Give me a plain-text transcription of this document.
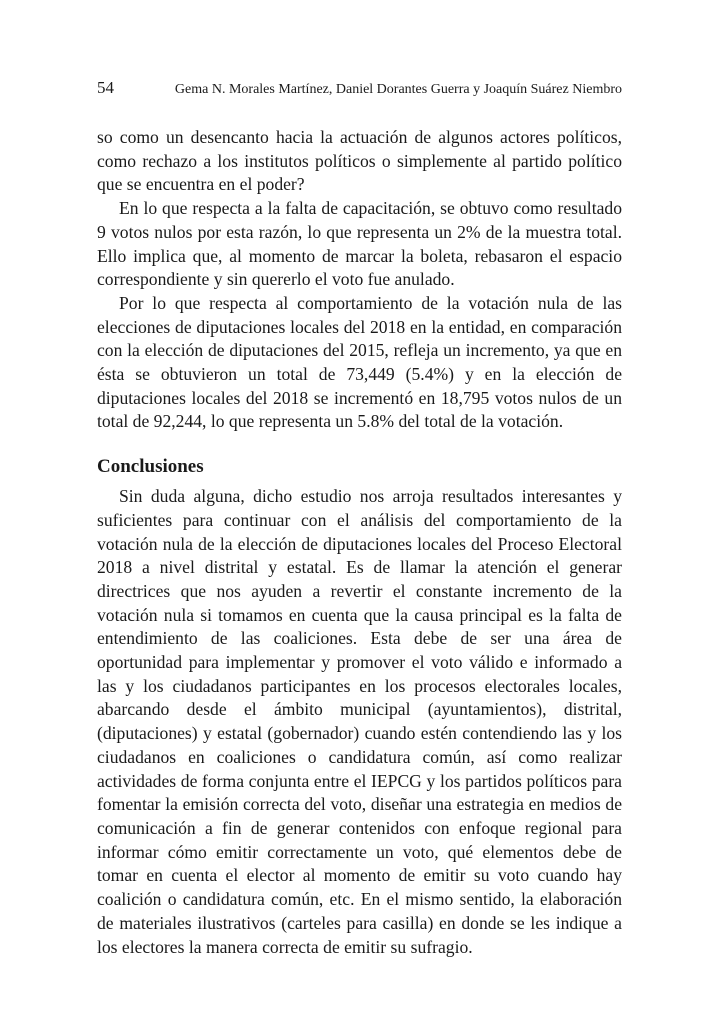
54	Gema N. Morales Martínez, Daniel Dorantes Guerra y Joaquín Suárez Niembro

so como un desencanto hacia la actuación de algunos actores políticos, como rechazo a los institutos políticos o simplemente al partido político que se encuentra en el poder?

En lo que respecta a la falta de capacitación, se obtuvo como resultado 9 votos nulos por esta razón, lo que representa un 2% de la muestra total. Ello implica que, al momento de marcar la boleta, rebasaron el espacio correspondiente y sin quererlo el voto fue anulado.

Por lo que respecta al comportamiento de la votación nula de las elecciones de diputaciones locales del 2018 en la entidad, en comparación con la elección de diputaciones del 2015, refleja un incremento, ya que en ésta se obtuvieron un total de 73,449 (5.4%) y en la elección de diputaciones locales del 2018 se incrementó en 18,795 votos nulos de un total de 92,244, lo que representa un 5.8% del total de la votación.

Conclusiones

Sin duda alguna, dicho estudio nos arroja resultados interesantes y suficientes para continuar con el análisis del comportamiento de la votación nula de la elección de diputaciones locales del Proceso Electoral 2018 a nivel distrital y estatal. Es de llamar la atención el generar directrices que nos ayuden a revertir el constante incremento de la votación nula si tomamos en cuenta que la causa principal es la falta de entendimiento de las coaliciones. Esta debe de ser una área de oportunidad para implementar y promover el voto válido e informado a las y los ciudadanos participantes en los procesos electorales locales, abarcando desde el ámbito municipal (ayuntamientos), distrital, (diputaciones) y estatal (gobernador) cuando estén contendiendo las y los ciudadanos en coaliciones o candidatura común, así como realizar actividades de forma conjunta entre el IEPCG y los partidos políticos para fomentar la emisión correcta del voto, diseñar una estrategia en medios de comunicación a fin de generar contenidos con enfoque regional para informar cómo emitir correctamente un voto, qué elementos debe de tomar en cuenta el elector al momento de emitir su voto cuando hay coalición o candidatura común, etc. En el mismo sentido, la elaboración de materiales ilustrativos (carteles para casilla) en donde se les indique a los electores la manera correcta de emitir su sufragio.
